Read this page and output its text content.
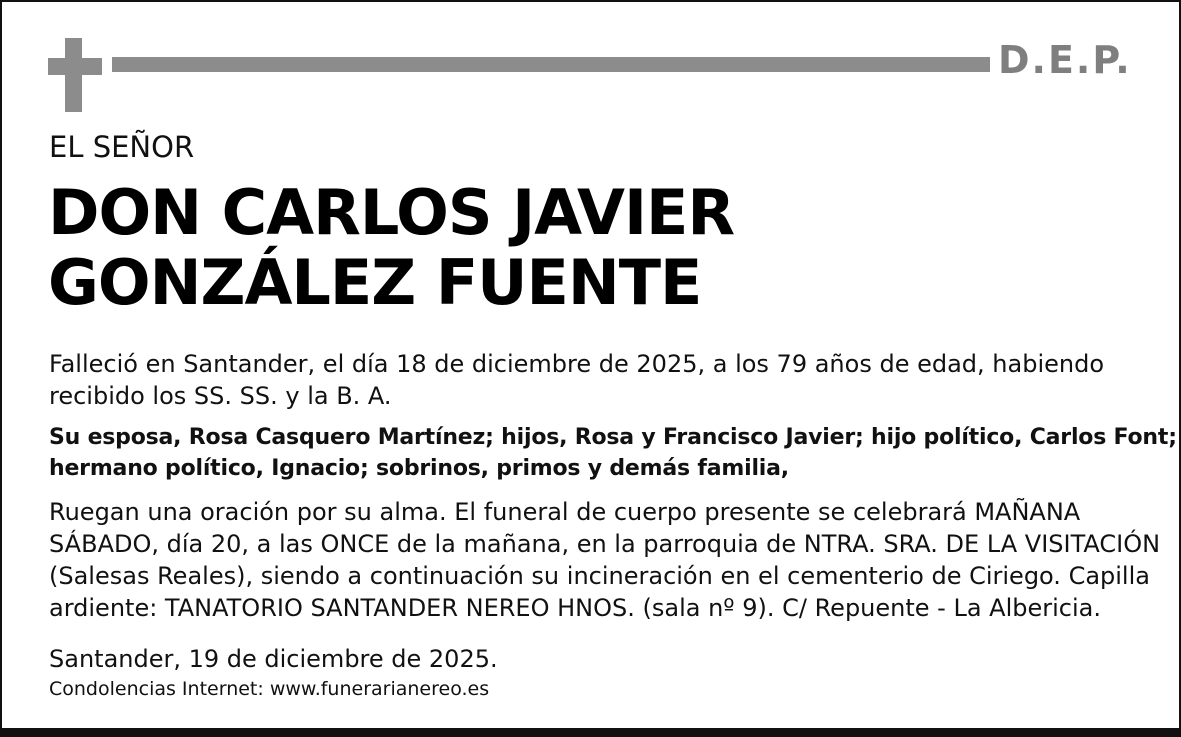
D.E.P.
EL SEÑOR
DON CARLOS JAVIER
GONZÁLEZ FUENTE
Falleció en Santander, el día 18 de diciembre de 2025, a los 79 años de edad, habiendo
recibido los SS. SS. y la B. A.
Su esposa, Rosa Casquero Martínez; hijos, Rosa y Francisco Javier; hijo político, Carlos Font;
hermano político, Ignacio; sobrinos, primos y demás familia,
Ruegan una oración por su alma. El funeral de cuerpo presente se celebrará MAÑANA
SÁBADO, día 20, a las ONCE de la mañana, en la parroquia de NTRA. SRA. DE LA VISITACIÓN
(Salesas Reales), siendo a continuación su incineración en el cementerio de Ciriego. Capilla
ardiente: TANATORIO SANTANDER NEREO HNOS. (sala nº 9). C/ Repuente - La Albericia.
Santander, 19 de diciembre de 2025.
Condolencias Internet: www.funerarianereo.es
